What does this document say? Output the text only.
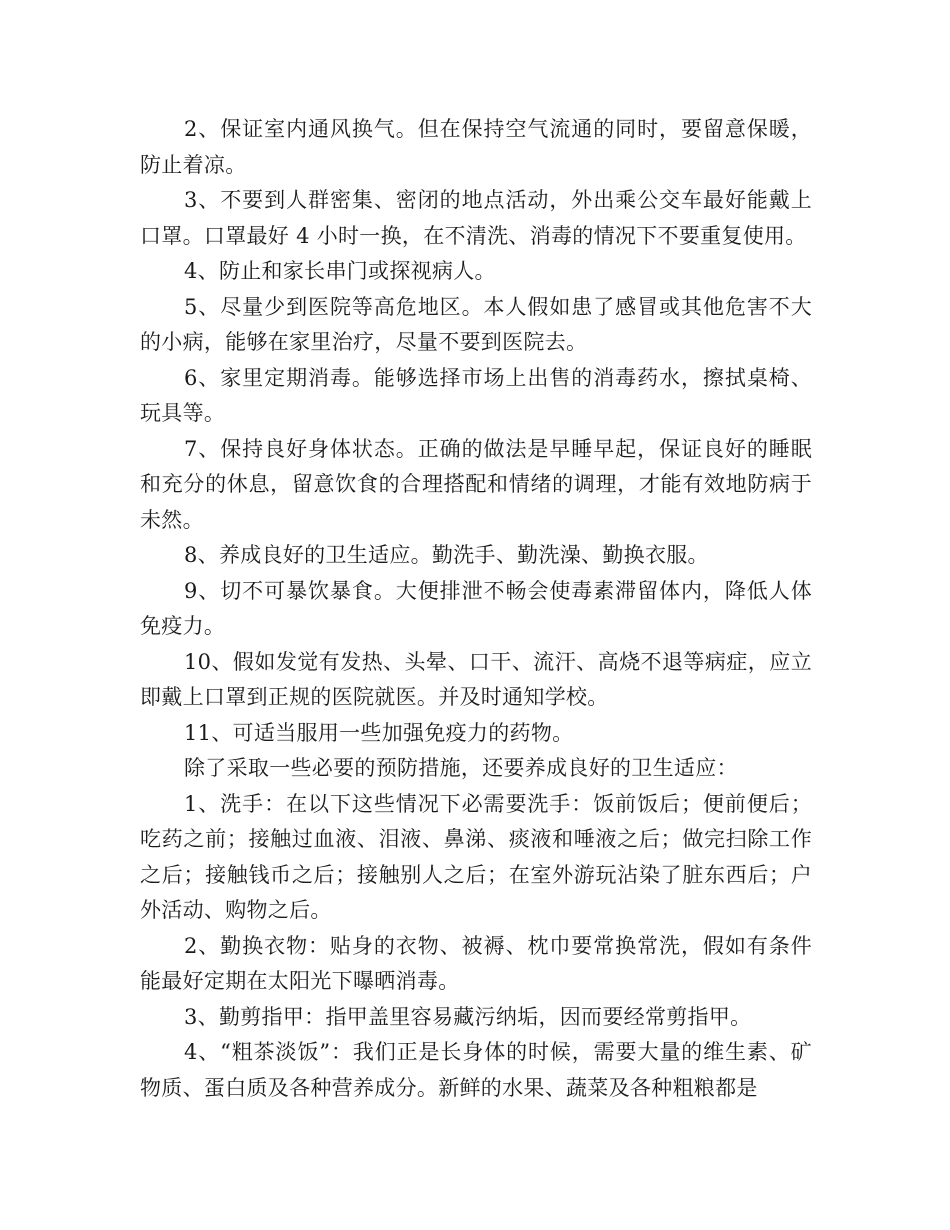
2、保证室内通风换气。但在保持空气流通的同时，要留意保暖，防止着凉。

3、不要到人群密集、密闭的地点活动，外出乘公交车最好能戴上口罩。口罩最好 4 小时一换，在不清洗、消毒的情况下不要重复使用。

4、防止和家长串门或探视病人。

5、尽量少到医院等高危地区。本人假如患了感冒或其他危害不大的小病，能够在家里治疗，尽量不要到医院去。

6、家里定期消毒。能够选择市场上出售的消毒药水，擦拭桌椅、玩具等。

7、保持良好身体状态。正确的做法是早睡早起，保证良好的睡眠和充分的休息，留意饮食的合理搭配和情绪的调理，才能有效地防病于未然。

8、养成良好的卫生适应。勤洗手、勤洗澡、勤换衣服。

9、切不可暴饮暴食。大便排泄不畅会使毒素滞留体内，降低人体免疫力。

10、假如发觉有发热、头晕、口干、流汗、高烧不退等病症，应立即戴上口罩到正规的医院就医。并及时通知学校。

11、可适当服用一些加强免疫力的药物。

除了采取一些必要的预防措施，还要养成良好的卫生适应：

1、洗手：在以下这些情况下必需要洗手：饭前饭后；便前便后；吃药之前；接触过血液、泪液、鼻涕、痰液和唾液之后；做完扫除工作之后；接触钱币之后；接触别人之后；在室外游玩沾染了脏东西后；户外活动、购物之后。

2、勤换衣物：贴身的衣物、被褥、枕巾要常换常洗，假如有条件能最好定期在太阳光下曝晒消毒。

3、勤剪指甲：指甲盖里容易藏污纳垢，因而要经常剪指甲。

4、“粗茶淡饭”：我们正是长身体的时候，需要大量的维生素、矿物质、蛋白质及各种营养成分。新鲜的水果、蔬菜及各种粗粮都是
